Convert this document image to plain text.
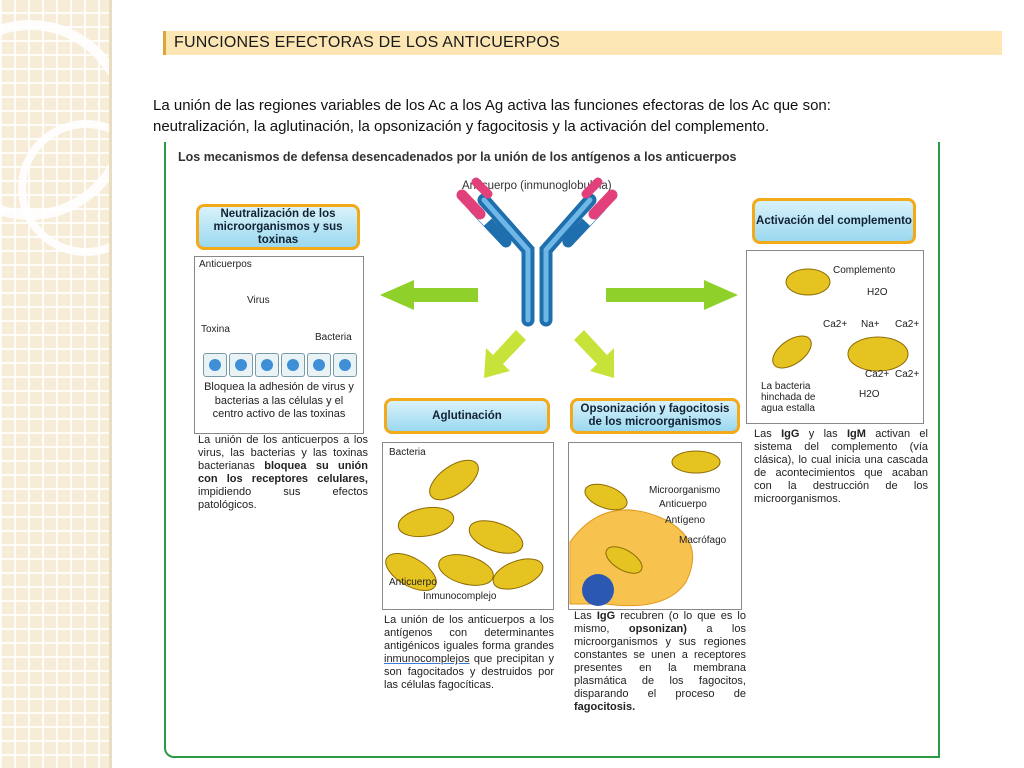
FUNCIONES EFECTORAS DE LOS ANTICUERPOS
La unión de las regiones variables de los Ac a los Ag activa las funciones efectoras de los Ac que son:
neutralización, la aglutinación, la opsonización y fagocitosis y la activación del complemento.
Los mecanismos de defensa desencadenados por la unión de los antígenos a los anticuerpos
Anticuerpo (inmunoglobulina)
Neutralización de los microorganismos y sus toxinas
Anticuerpos
Virus
Toxina
Bacteria
Bloquea la adhesión de virus y bacterias a las células y el centro activo de las toxinas
La unión de los anticuerpos a los virus, las bacterias y las toxinas bacterianas bloquea su unión con los receptores celulares, impidiendo sus efectos patológicos.
Aglutinación
Bacteria
Anticuerpo
Inmunocomplejo
La unión de los anticuerpos a los antígenos con determinantes antigénicos iguales forma grandes inmunocomplejos que precipitan y son fagocitados y destruidos por las células fagocíticas.
Opsonización y fagocitosis de los microorganismos
Microorganismo
Anticuerpo
Antígeno
Macrófago
Las IgG recubren (o lo que es lo mismo, opsonizan) a los microorganismos y sus regiones constantes se unen a receptores presentes en la membrana plasmática de los fagocitos, disparando el proceso de fagocitosis.
Activación del complemento
Complemento
H2O
Ca2+ Na+ Ca2+
Ca2+ Ca2+
H2O
La bacteria hinchada de agua estalla
Las IgG y las IgM activan el sistema del complemento (vía clásica), lo cual inicia una cascada de acontecimientos que acaban con la destrucción de los microorganismos.
